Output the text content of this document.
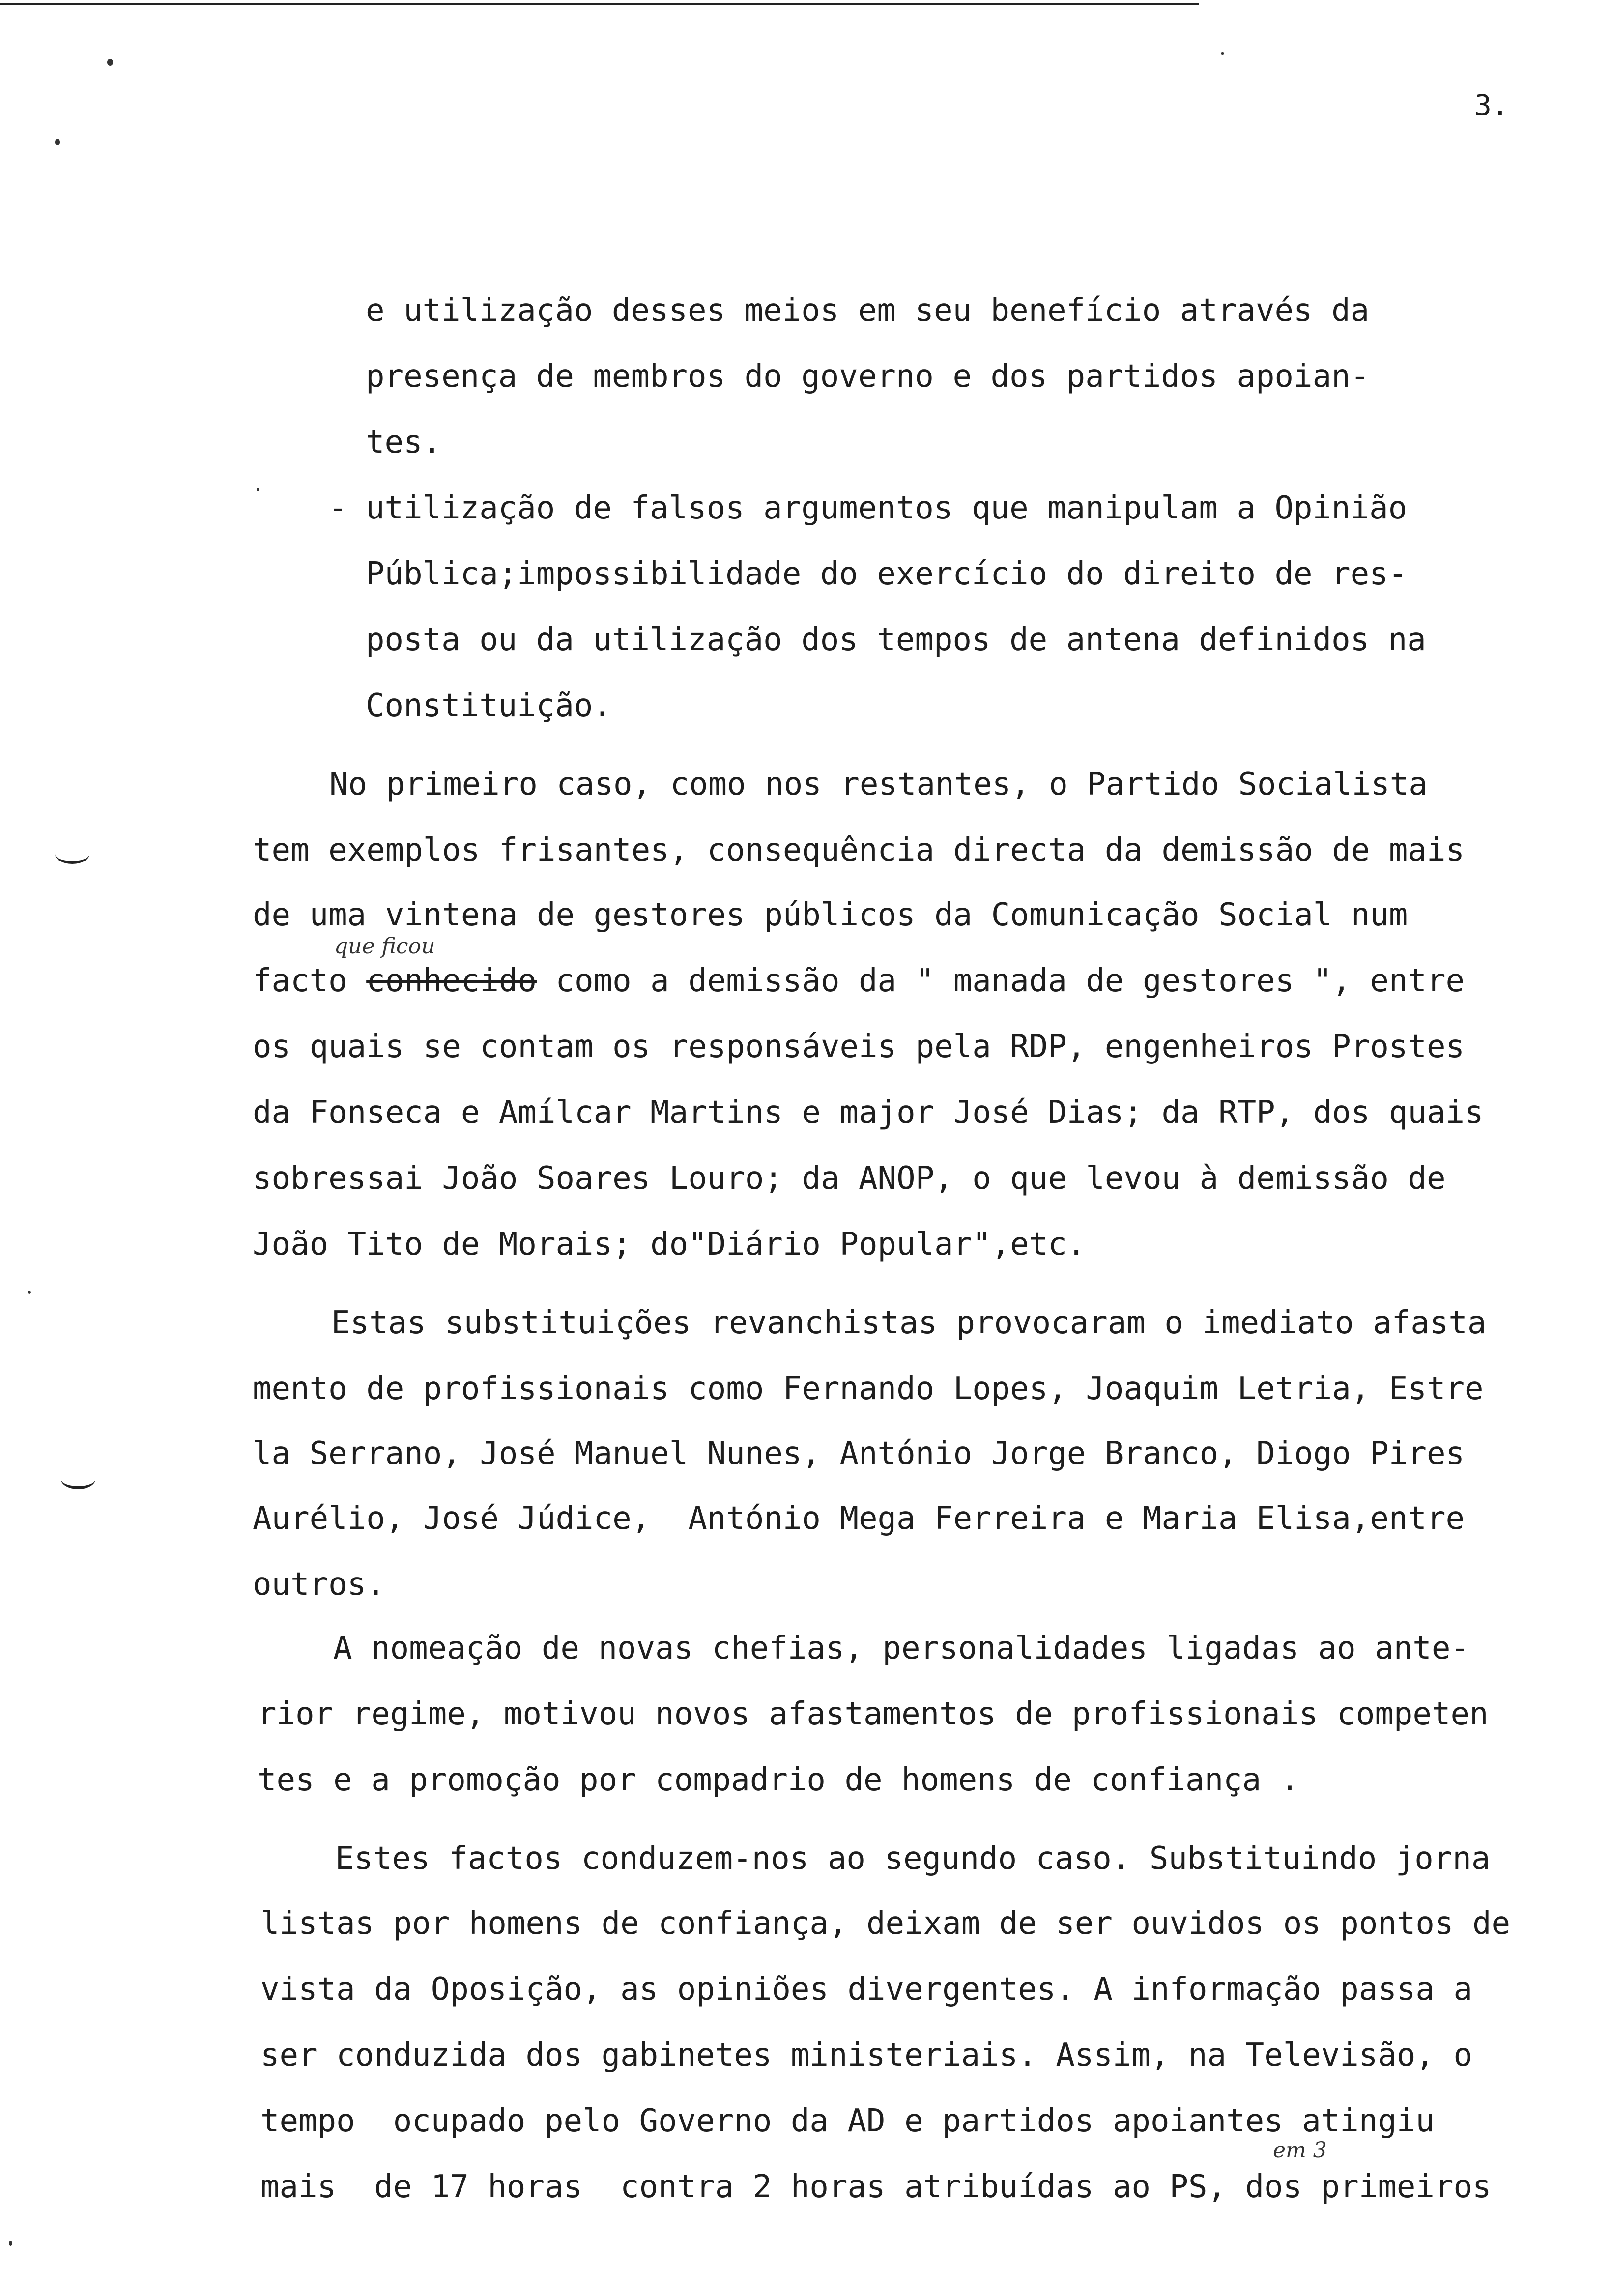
3.
e utilização desses meios em seu benefício através da
presença de membros do governo e dos partidos apoian-
tes.
- utilização de falsos argumentos que manipulam a Opinião
Pública;impossibilidade do exercício do direito de res-
posta ou da utilização dos tempos de antena definidos na
Constituição.
No primeiro caso, como nos restantes, o Partido Socialista
tem exemplos frisantes, consequência directa da demissão de mais
de uma vintena de gestores públicos da Comunicação Social num
que ficou
facto conhecido como a demissão da " manada de gestores ", entre
os quais se contam os responsáveis pela RDP, engenheiros Prostes
da Fonseca e Amílcar Martins e major José Dias; da RTP, dos quais
sobressai João Soares Louro; da ANOP, o que levou à demissão de
João Tito de Morais; do"Diário Popular",etc.
Estas substituições revanchistas provocaram o imediato afasta
mento de profissionais como Fernando Lopes, Joaquim Letria, Estre
la Serrano, José Manuel Nunes, António Jorge Branco, Diogo Pires
Aurélio, José Júdice,  António Mega Ferreira e Maria Elisa,entre
outros.
A nomeação de novas chefias, personalidades ligadas ao ante-
rior regime, motivou novos afastamentos de profissionais competen
tes e a promoção por compadrio de homens de confiança .
Estes factos conduzem-nos ao segundo caso. Substituindo jorna
listas por homens de confiança, deixam de ser ouvidos os pontos de
vista da Oposição, as opiniões divergentes. A informação passa a
ser conduzida dos gabinetes ministeriais. Assim, na Televisão, o
tempo  ocupado pelo Governo da AD e partidos apoiantes atingiu
em 3
mais  de 17 horas  contra 2 horas atribuídas ao PS, dos primeiros
